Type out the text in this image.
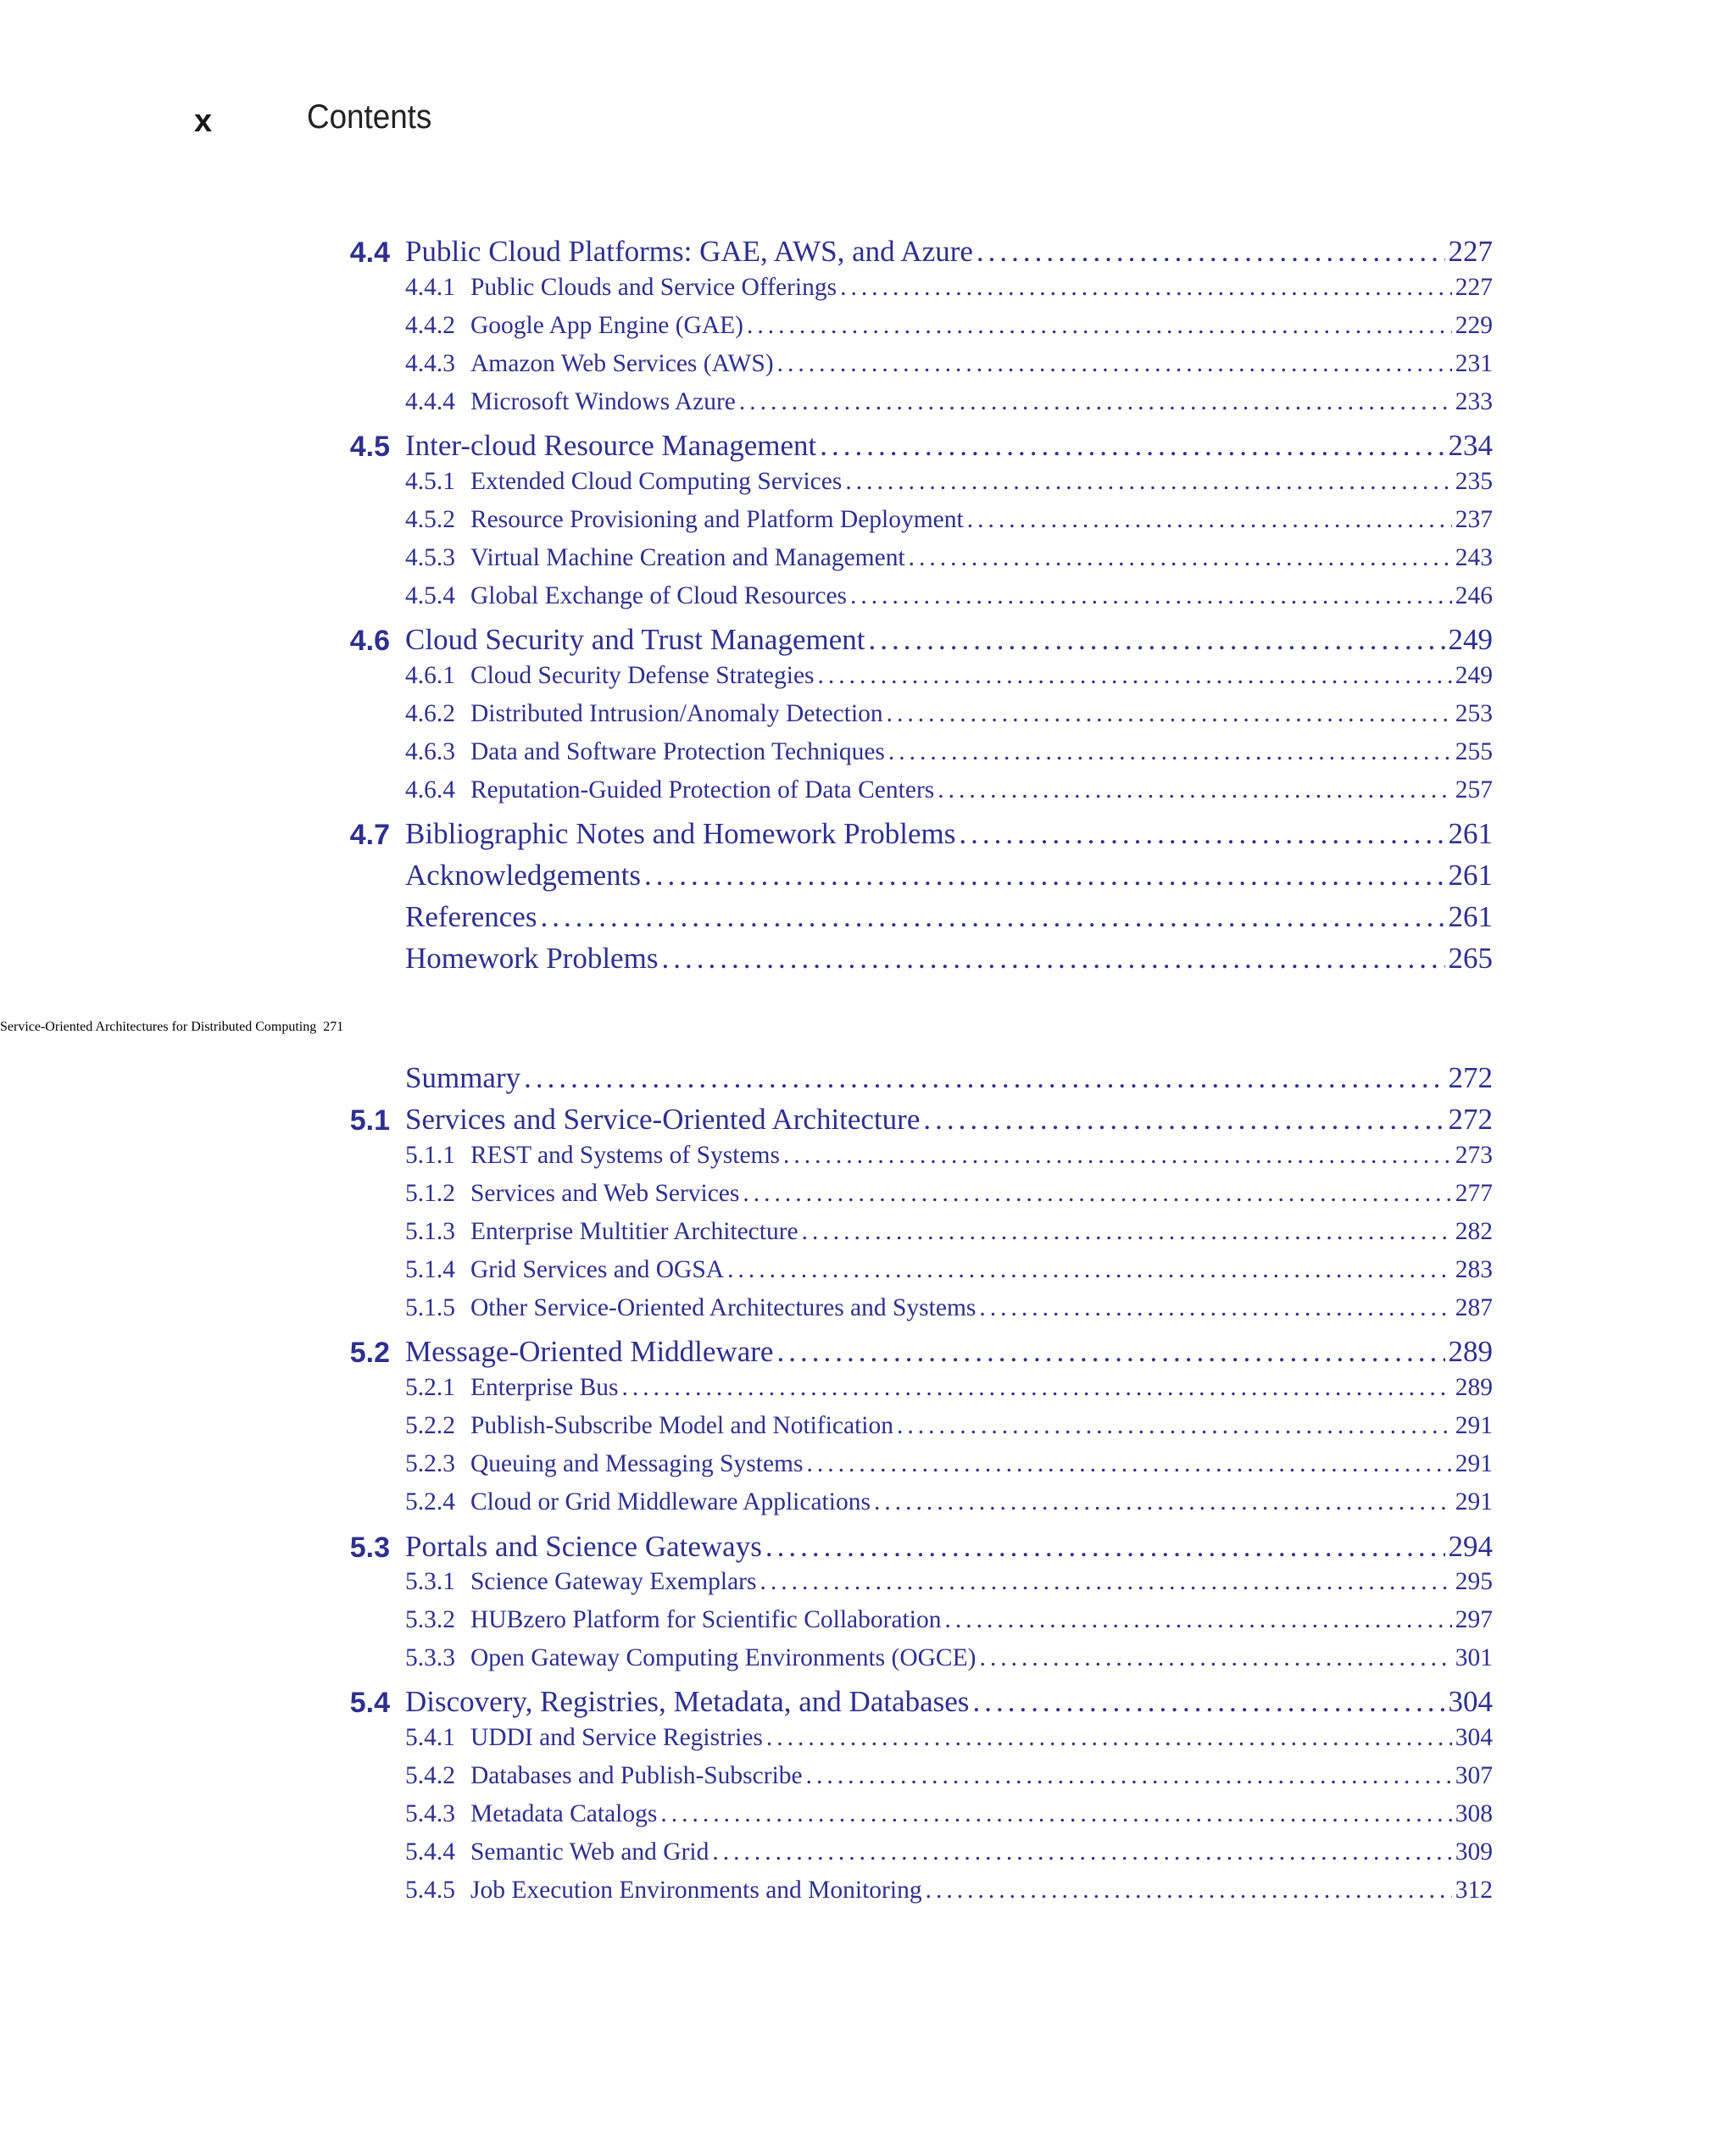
x	Contents
4.4 Public Cloud Platforms: GAE, AWS, and Azure .....	227
4.4.1 Public Clouds and Service Offerings .....	227
4.4.2 Google App Engine (GAE) .....	229
4.4.3 Amazon Web Services (AWS) .....	231
4.4.4 Microsoft Windows Azure .....	233
4.5 Inter-cloud Resource Management .....	234
4.5.1 Extended Cloud Computing Services .....	235
4.5.2 Resource Provisioning and Platform Deployment .....	237
4.5.3 Virtual Machine Creation and Management .....	243
4.5.4 Global Exchange of Cloud Resources .....	246
4.6 Cloud Security and Trust Management .....	249
4.6.1 Cloud Security Defense Strategies .....	249
4.6.2 Distributed Intrusion/Anomaly Detection .....	253
4.6.3 Data and Software Protection Techniques .....	255
4.6.4 Reputation-Guided Protection of Data Centers .....	257
4.7 Bibliographic Notes and Homework Problems .....	261
Acknowledgements .....	261
References .....	261
Homework Problems .....	265
Service-Oriented Architectures for Distributed Computing 271
Summary .....	272
5.1 Services and Service-Oriented Architecture .....	272
5.1.1 REST and Systems of Systems .....	273
5.1.2 Services and Web Services .....	277
5.1.3 Enterprise Multitier Architecture .....	282
5.1.4 Grid Services and OGSA .....	283
5.1.5 Other Service-Oriented Architectures and Systems .....	287
5.2 Message-Oriented Middleware .....	289
5.2.1 Enterprise Bus .....	289
5.2.2 Publish-Subscribe Model and Notification .....	291
5.2.3 Queuing and Messaging Systems .....	291
5.2.4 Cloud or Grid Middleware Applications .....	291
5.3 Portals and Science Gateways .....	294
5.3.1 Science Gateway Exemplars .....	295
5.3.2 HUBzero Platform for Scientific Collaboration .....	297
5.3.3 Open Gateway Computing Environments (OGCE) .....	301
5.4 Discovery, Registries, Metadata, and Databases .....	304
5.4.1 UDDI and Service Registries .....	304
5.4.2 Databases and Publish-Subscribe .....	307
5.4.3 Metadata Catalogs .....	308
5.4.4 Semantic Web and Grid .....	309
5.4.5 Job Execution Environments and Monitoring .....	312
